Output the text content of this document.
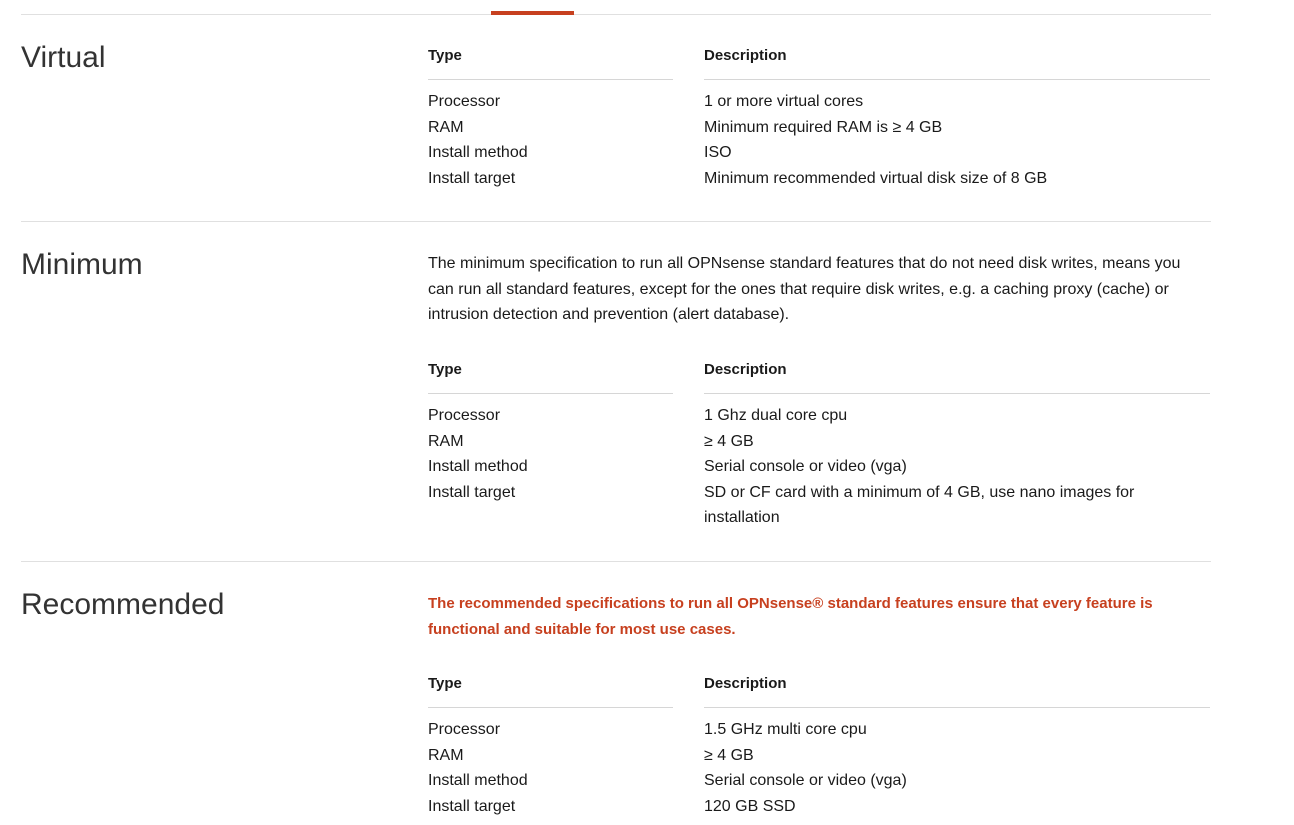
Virtual	Type	Description
Processor	1 or more virtual cores
RAM	Minimum required RAM is ≥ 4 GB
Install method	ISO
Install target	Minimum recommended virtual disk size of 8 GB
Minimum	The minimum specification to run all OPNsense standard features that do not need disk writes, means you can run all standard features, except for the ones that require disk writes, e.g. a caching proxy (cache) or intrusion detection and prevention (alert database).

Type	Description
Processor	1 Ghz dual core cpu
RAM	≥ 4 GB
Install method	Serial console or video (vga)
Install target	SD or CF card with a minimum of 4 GB, use nano images for installation
Recommended	The recommended specifications to run all OPNsense® standard features ensure that every feature is functional and suitable for most use cases.

Type	Description
Processor	1.5 GHz multi core cpu
RAM	≥ 4 GB
Install method	Serial console or video (vga)
Install target	120 GB SSD
